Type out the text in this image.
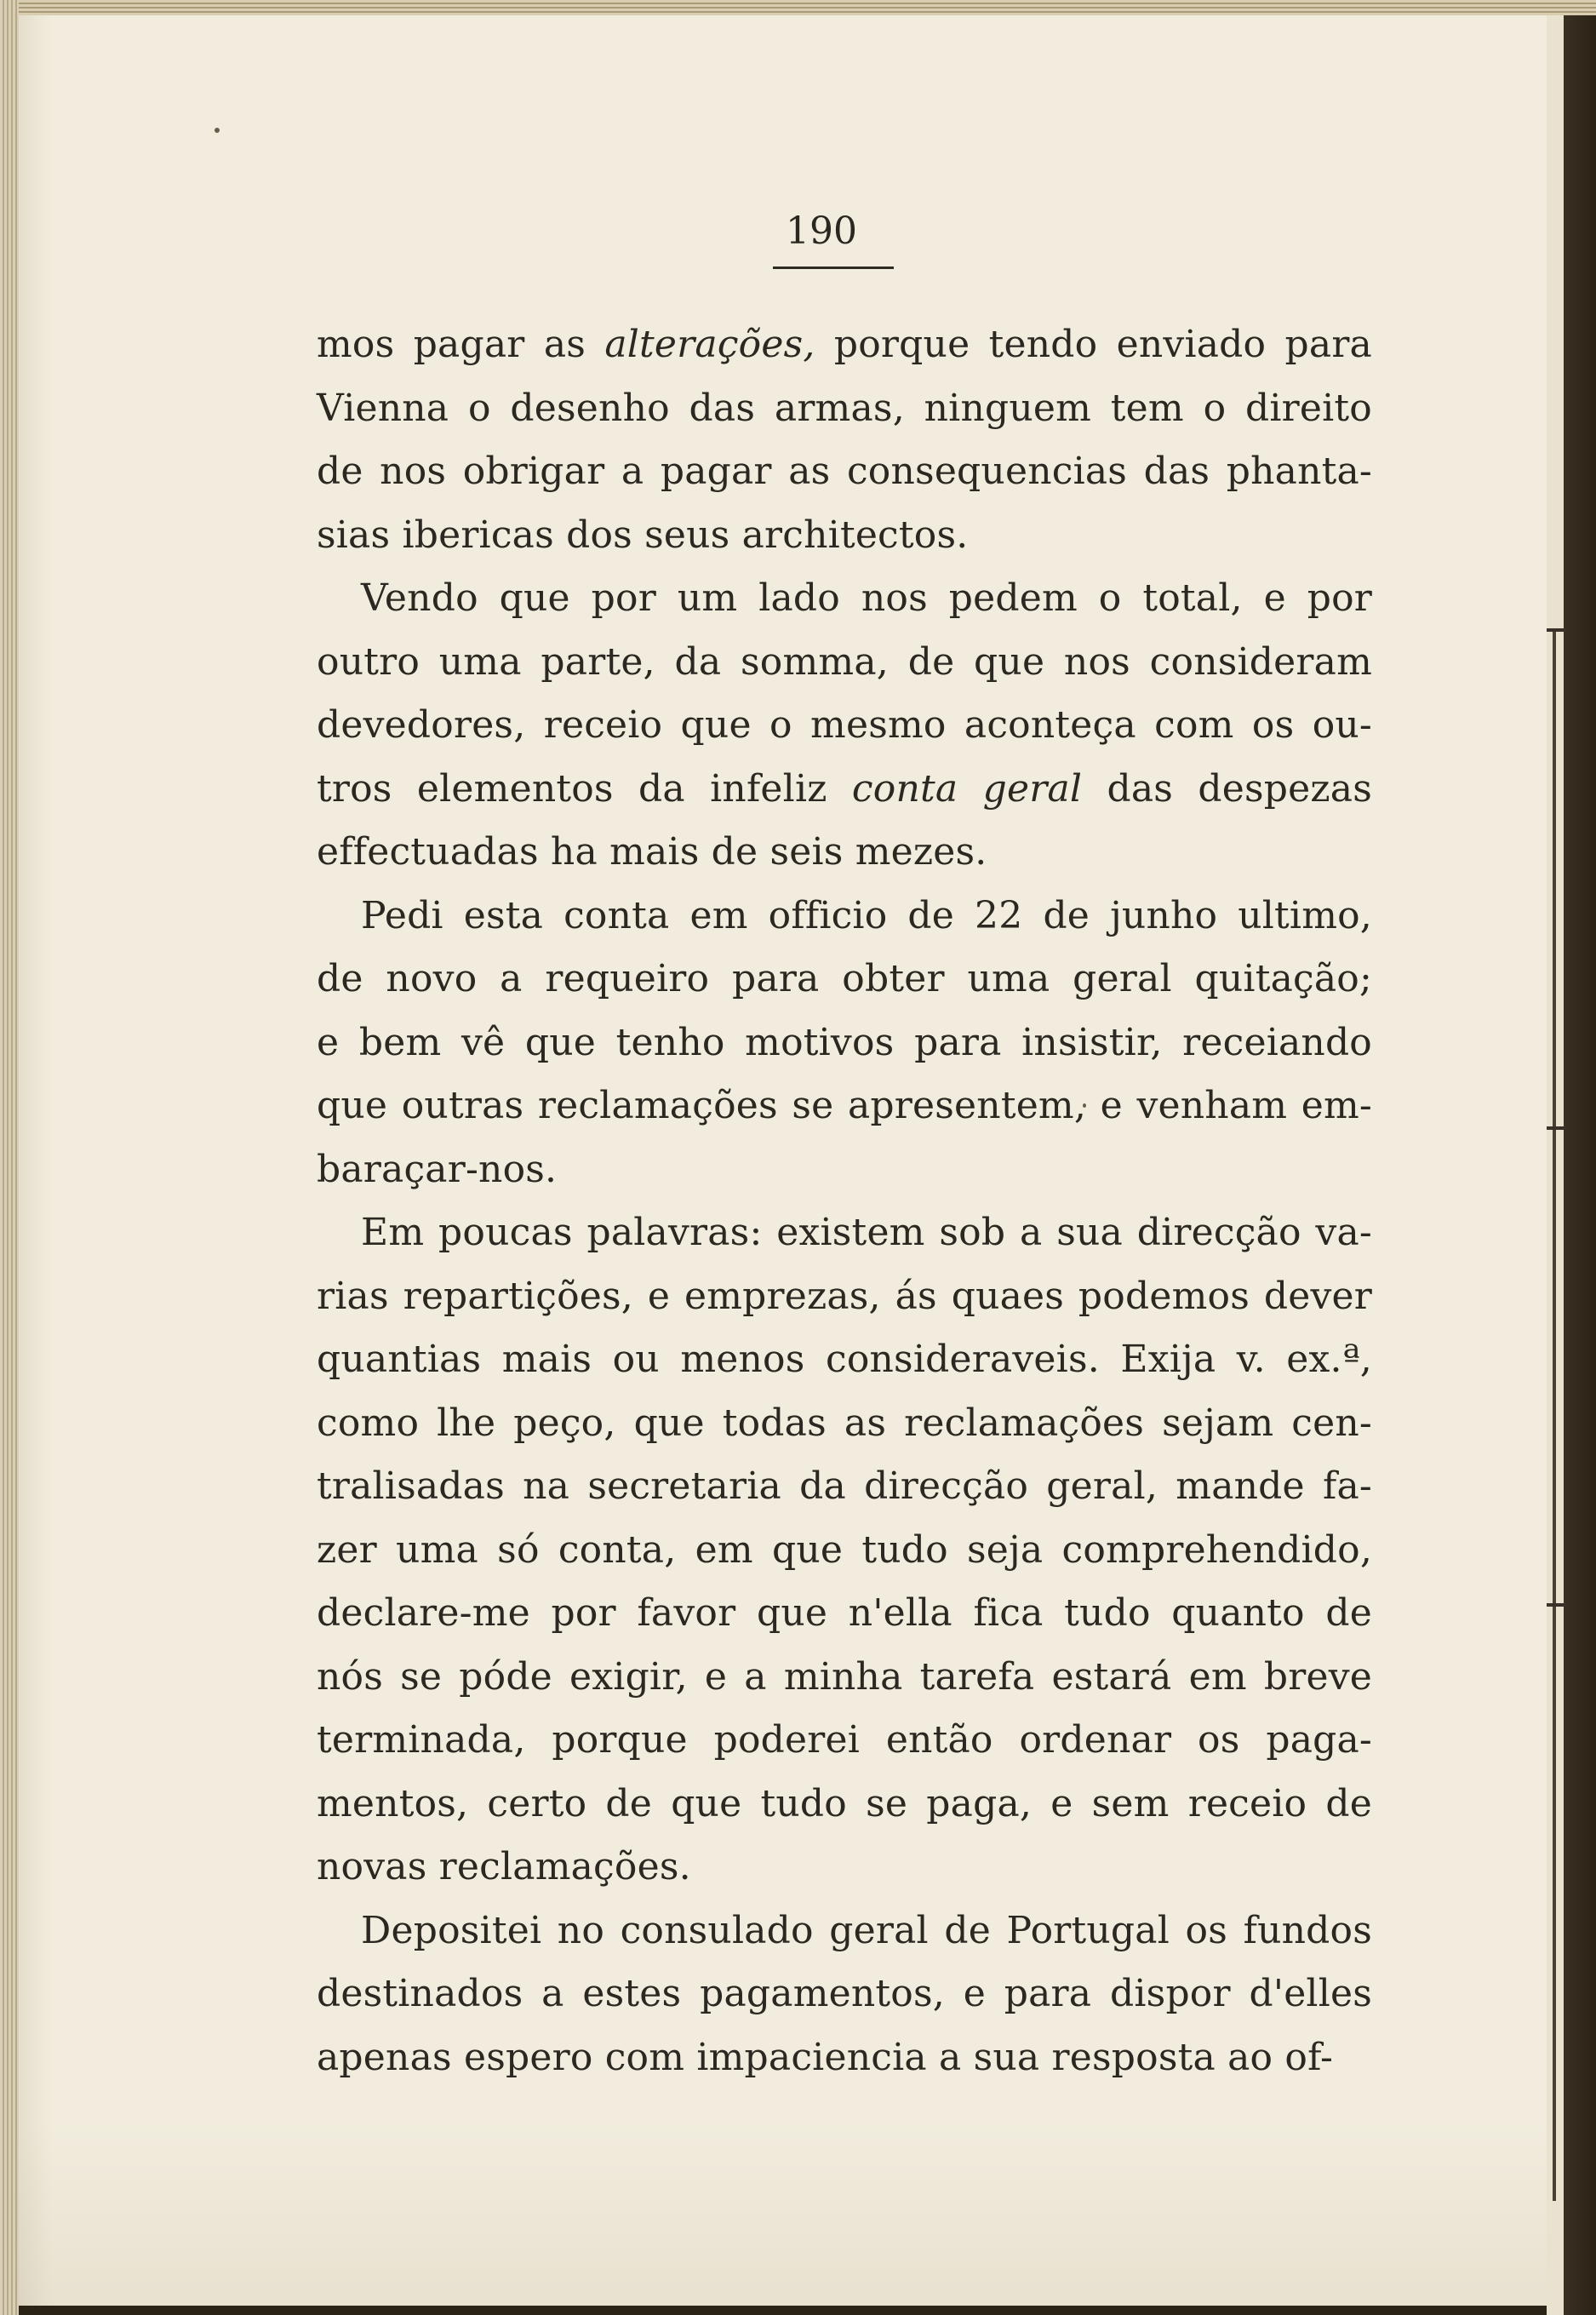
190
mos pagar as alterações, porque tendo enviado para
Vienna o desenho das armas, ninguem tem o direito
de nos obrigar a pagar as consequencias das phanta-
sias ibericas dos seus architectos.
Vendo que por um lado nos pedem o total, e por
outro uma parte, da somma, de que nos consideram
devedores, receio que o mesmo aconteça com os ou-
tros elementos da infeliz conta geral das despezas
effectuadas ha mais de seis mezes.
Pedi esta conta em officio de 22 de junho ultimo,
de novo a requeiro para obter uma geral quitação;
e bem vê que tenho motivos para insistir, receiando
que outras reclamações se apresentem, e venham em-
baraçar-nos.
Em poucas palavras: existem sob a sua direcção va-
rias repartições, e emprezas, ás quaes podemos dever
quantias mais ou menos consideraveis. Exija v. ex.ª,
como lhe peço, que todas as reclamações sejam cen-
tralisadas na secretaria da direcção geral, mande fa-
zer uma só conta, em que tudo seja comprehendido,
declare-me por favor que n'ella fica tudo quanto de
nós se póde exigir, e a minha tarefa estará em breve
terminada, porque poderei então ordenar os paga-
mentos, certo de que tudo se paga, e sem receio de
novas reclamações.
Depositei no consulado geral de Portugal os fundos
destinados a estes pagamentos, e para dispor d'elles
apenas espero com impaciencia a sua resposta ao of-
